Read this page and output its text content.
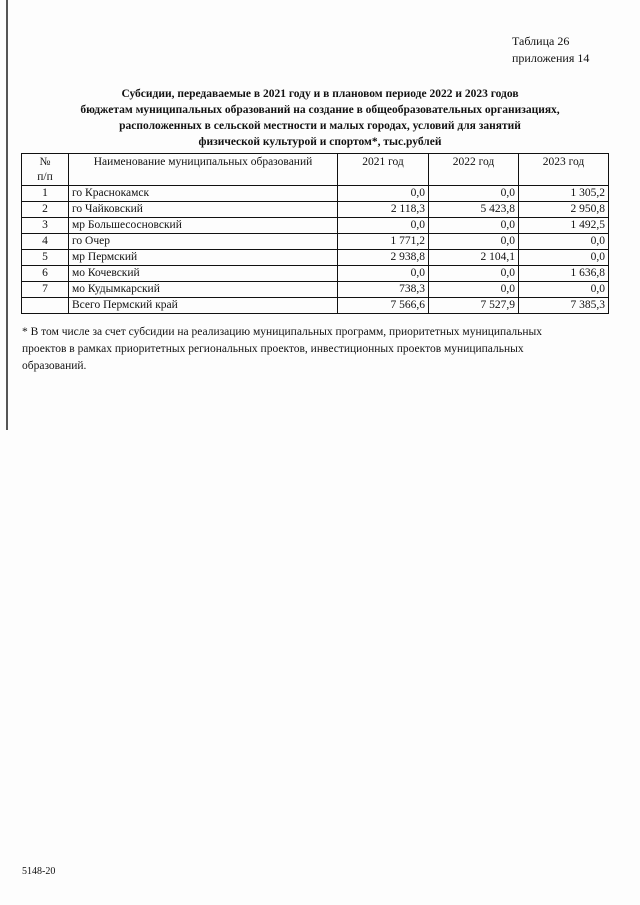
Таблица 26
приложения 14
Субсидии, передаваемые в 2021 году и в плановом периоде 2022 и 2023 годов
бюджетам муниципальных образований на создание в общеобразовательных организациях,
расположенных в сельской местности и малых городах, условий для занятий
физической культурой и спортом*, тыс.рублей
№
п/п	Наименование муниципальных образований	2021 год	2022 год	2023 год
1	го Краснокамск	0,0	0,0	1 305,2
2	го Чайковский	2 118,3	5 423,8	2 950,8
3	мр Большесосновский	0,0	0,0	1 492,5
4	го Очер	1 771,2	0,0	0,0
5	мр Пермский	2 938,8	2 104,1	0,0
6	мо Кочевский	0,0	0,0	1 636,8
7	мо Кудымкарский	738,3	0,0	0,0
	Всего Пермский край	7 566,6	7 527,9	7 385,3
* В том числе за счет субсидии на реализацию муниципальных программ, приоритетных муниципальных
проектов в рамках приоритетных региональных проектов, инвестиционных проектов муниципальных
образований.
5148-20
